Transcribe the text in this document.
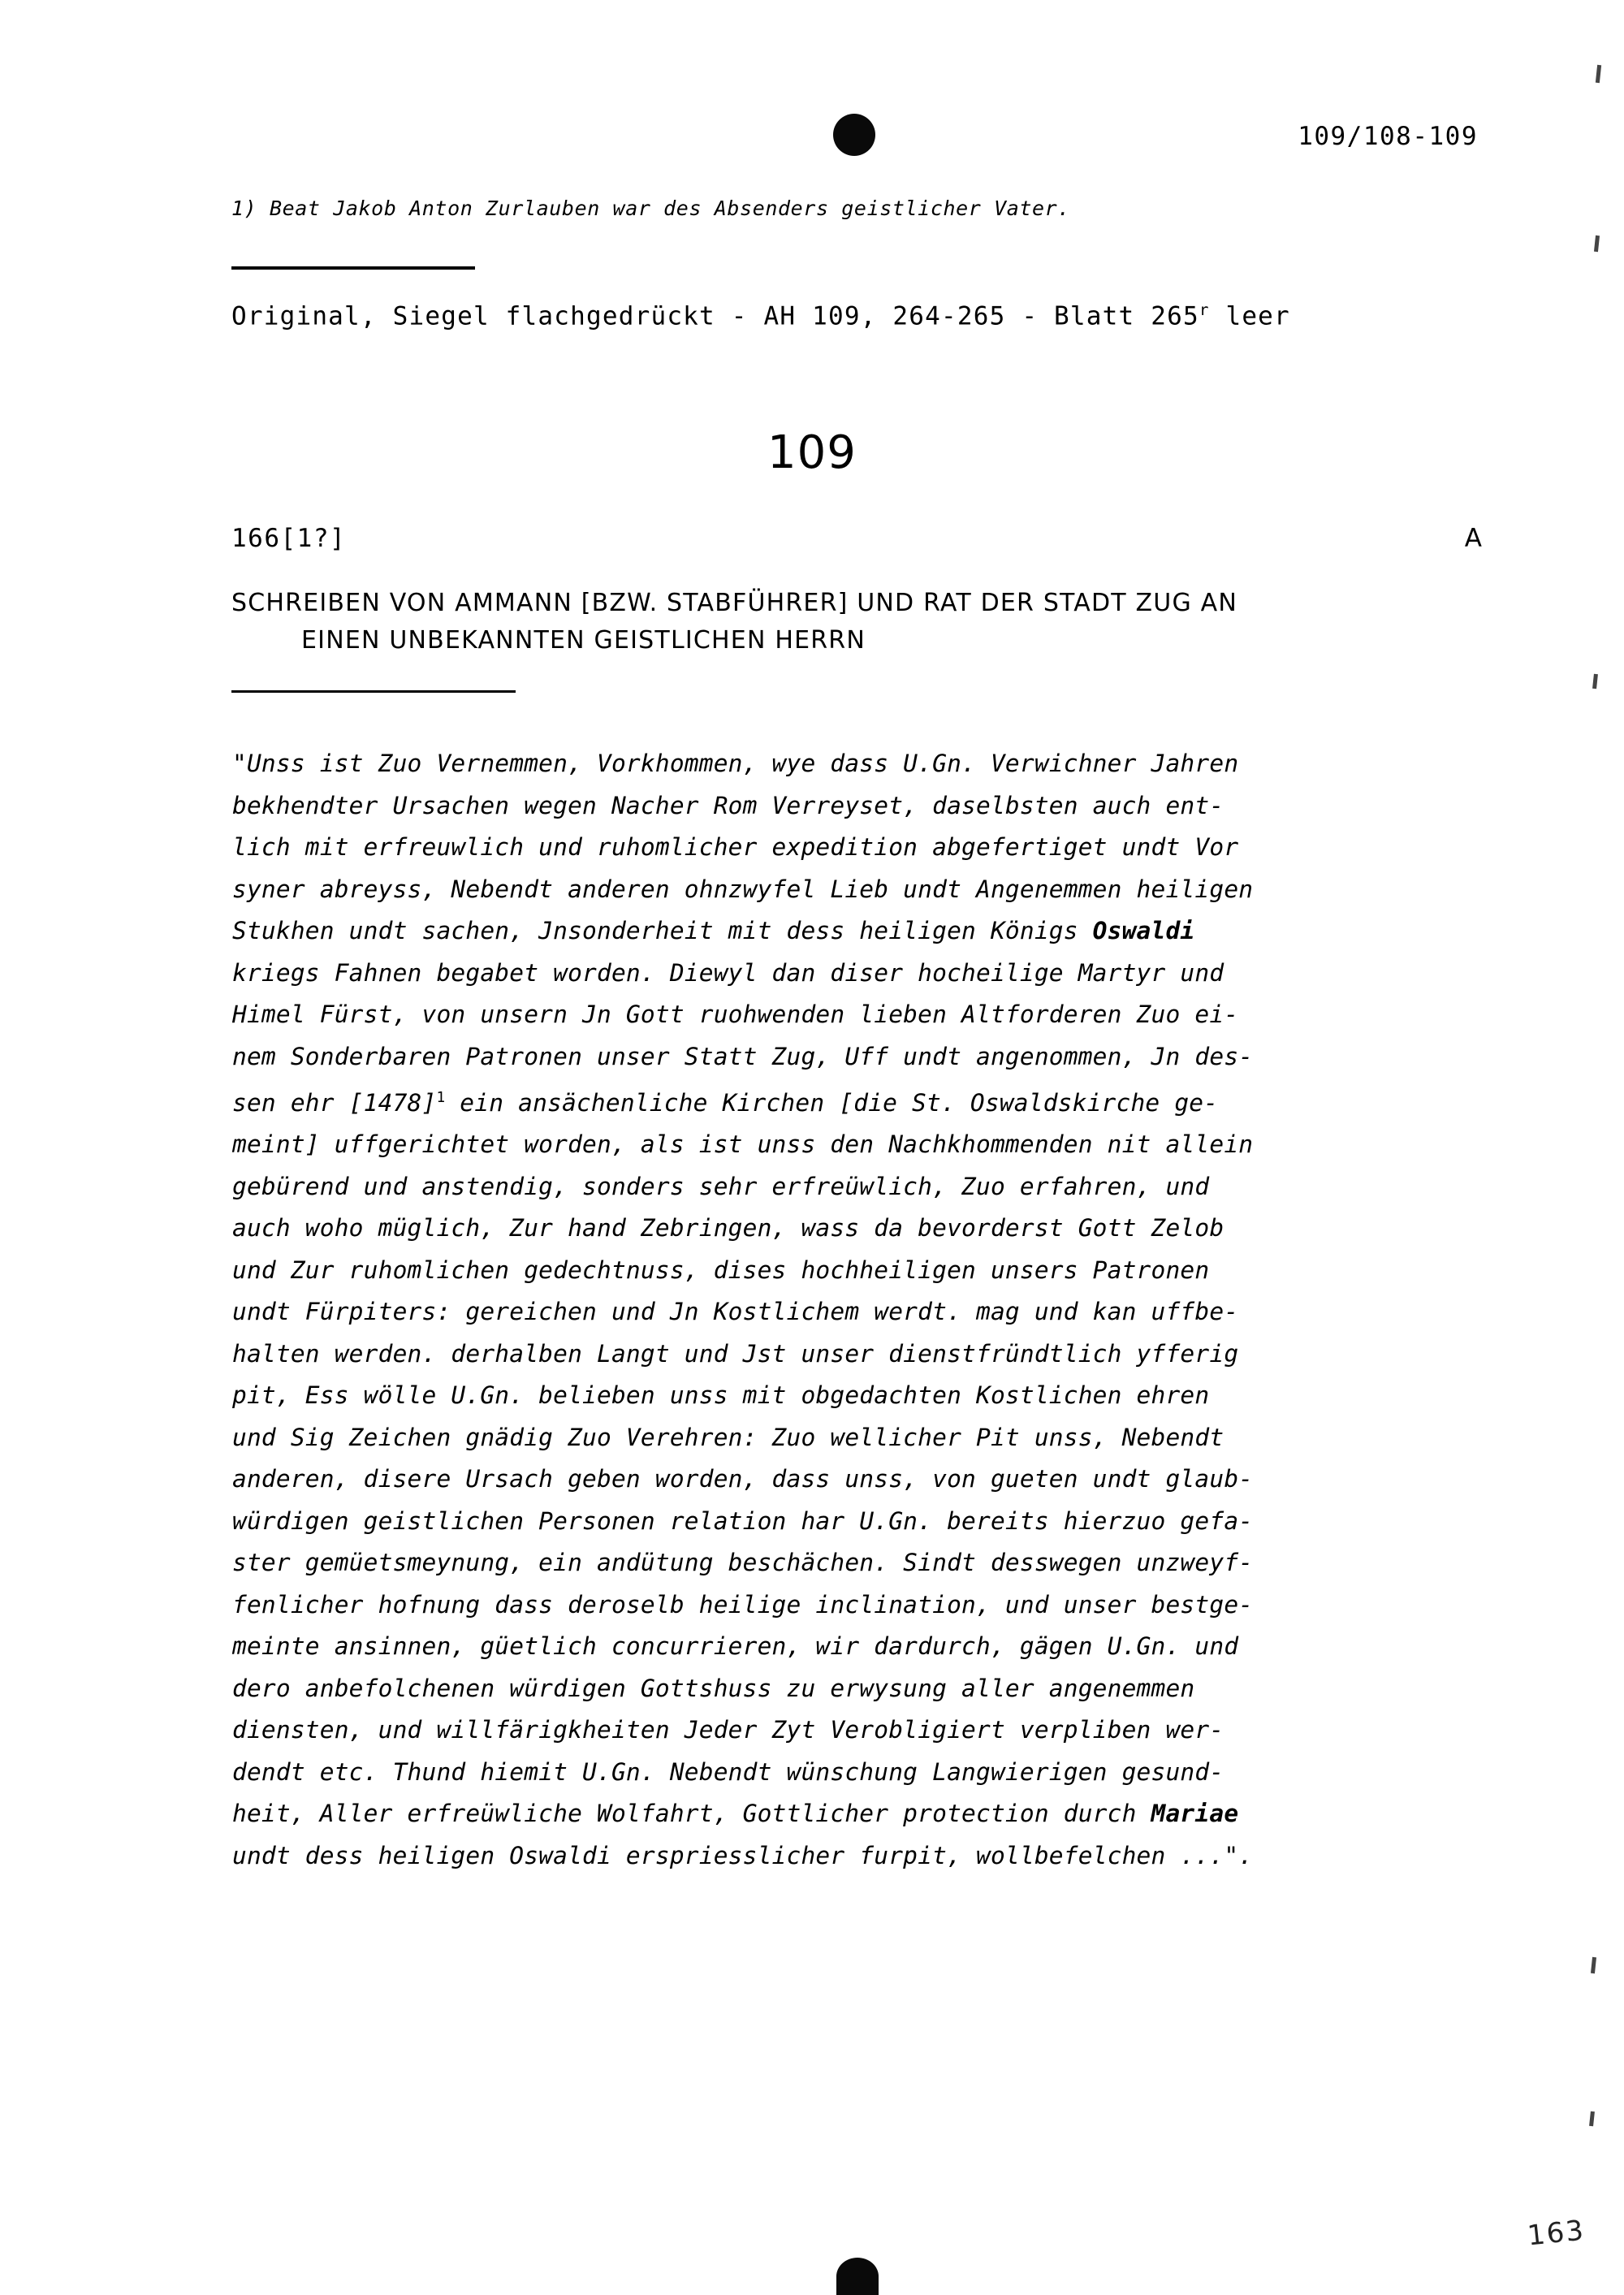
109/108-109
1) Beat Jakob Anton Zurlauben war des Absenders geistlicher Vater.
Original, Siegel flachgedrückt - AH 109, 264-265 - Blatt 265$^r$ leer
109
166[1?]	A
SCHREIBEN VON AMMANN [BZW. STABFÜHRER] UND RAT DER STADT ZUG AN
EINEN UNBEKANNTEN GEISTLICHEN HERRN
"Unss ist Zuo Vernemmen, Vorkhommen, wye dass U.Gn. Verwichner Jahren
bekhendter Ursachen wegen Nacher Rom Verreyset, daselbsten auch ent-
lich mit erfreuwlich und ruhomlicher expedition abgefertiget undt Vor
syner abreyss, Nebendt anderen ohnzwyfel Lieb undt Angenemmen heiligen
Stukhen undt sachen, Jnsonderheit mit dess heiligen Königs Oswaldi
kriegs Fahnen begabet worden. Diewyl dan diser hocheilige Martyr und
Himel Fürst, von unsern Jn Gott ruohwenden lieben Altforderen Zuo ei-
nem Sonderbaren Patronen unser Statt Zug, Uff undt angenommen, Jn des-
sen ehr $[1478]^1$ ein ansächenliche Kirchen [die St. Oswaldskirche ge-
meint] uffgerichtet worden, als ist unss den Nachkhommenden nit allein
gebürend und anstendig, sonders sehr erfreüwlich, Zuo erfahren, und
auch woho müglich, Zur hand Zebringen, wass da bevorderst Gott Zelob
und Zur ruhomlichen gedechtnuss, dises hochheiligen unsers Patronen
undt Fürpiters: gereichen und Jn Kostlichem werdt. mag und kan uffbe-
halten werden. derhalben Langt und Jst unser dienstfründtlich yfferig
pit, Ess wölle U.Gn. belieben unss mit obgedachten Kostlichen ehren
und Sig Zeichen gnädig Zuo Verehren: Zuo wellicher Pit unss, Nebendt
anderen, disere Ursach geben worden, dass unss, von gueten undt glaub-
würdigen geistlichen Personen relation har U.Gn. bereits hierzuo gefa-
ster gemüetsmeynung, ein andütung beschächen. Sindt desswegen unzweyf-
fenlicher hofnung dass deroselb heilige inclination, und unser bestge-
meinte ansinnen, güetlich concurrieren, wir dardurch, gägen U.Gn. und
dero anbefolchenen würdigen Gottshuss zu erwysung aller angenemmen
diensten, und willfärigkheiten Jeder Zyt Verobligiert verpliben wer-
dendt etc. Thund hiemit U.Gn. Nebendt wünschung Langwierigen gesund-
heit, Aller erfreüwliche Wolfahrt, Gottlicher protection durch Mariae
undt dess heiligen Oswaldi erspriesslicher furpit, wollbefelchen ...".
163
